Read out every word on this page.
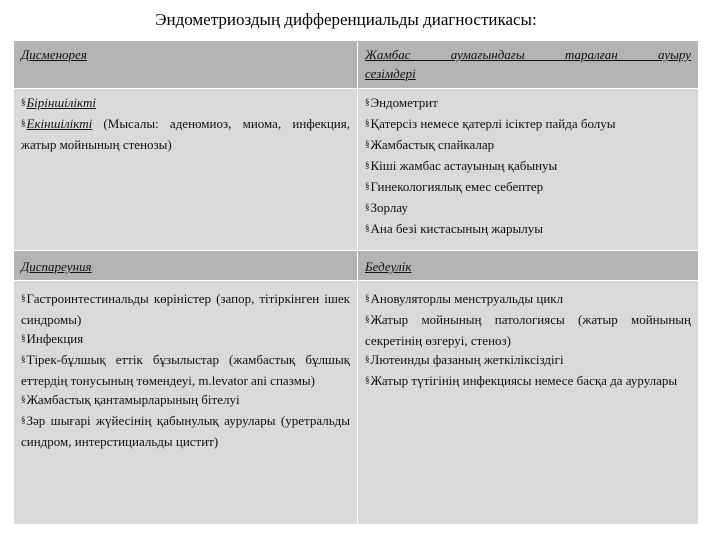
Эндометриоздың дифференциальды диагностикасы:
Дисменорея	Жамбас аумағындағы таралған ауыру
сезімдері

§Біріншілікті

§Екіншілікті (Мысалы: аденомиоз, миома, инфекция, жатыр мойнының стенозы)

§Эндометрит

§Қатерсіз немесе қатерлі ісіктер пайда болуы

§Жамбастық спайкалар

§Кіші жамбас астауының қабынуы

§Гинекологиялық емес себептер

§Зорлау

§Ана безі кистасының жарылуы

Диспареуния	Бедеулік

§Гастроинтестинальды көріністер (запор, тітіркінген ішек синдромы)

§Инфекция

§Тірек-бұлшық еттік бұзылыстар (жамбастық бұлшық еттердің тонусының төмендеуі, m.levator ani спазмы)

§Жамбастық қантамырларының бітелуі

§Зәр шығарі жүйесінің қабынулық аурулары (уретральды синдром, интерстициальды цистит)

§Ановуляторлы менструальды цикл

§Жатыр мойнының патологиясы (жатыр мойнының секретінің өзгеруі, стеноз)

§Лютеинды фазаның жеткіліксіздігі

§Жатыр түтігінің инфекциясы немесе басқа да аурулары
